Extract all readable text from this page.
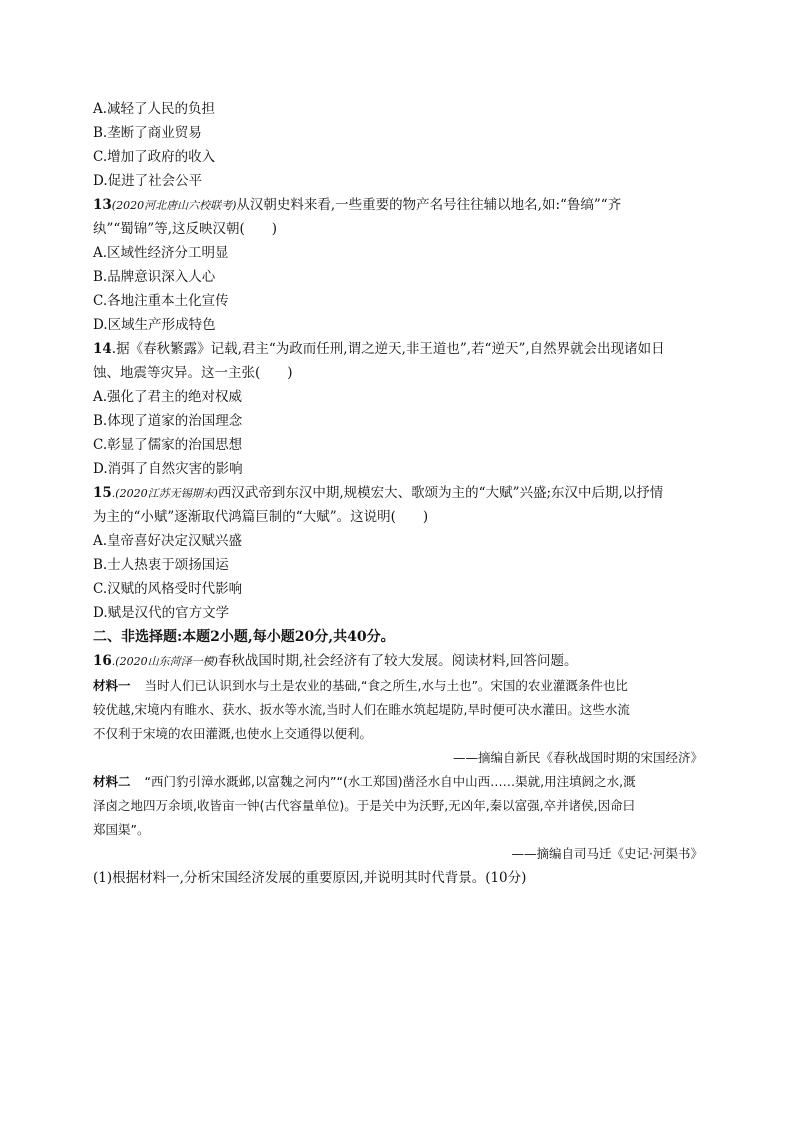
A.减轻了人民的负担
B.垄断了商业贸易
C.增加了政府的收入
D.促进了社会公平
13(2020河北唐山六校联考)从汉朝史料来看,一些重要的物产名号往往辅以地名,如:“鲁缟”“齐
纨”“蜀锦”等,这反映汉朝(　　)
A.区域性经济分工明显
B.品牌意识深入人心
C.各地注重本土化宣传
D.区域生产形成特色
14.据《春秋繁露》记载,君主“为政而任刑,谓之逆天,非王道也”,若“逆天”,自然界就会出现诸如日
蚀、地震等灾异。这一主张(　　)
A.强化了君主的绝对权威
B.体现了道家的治国理念
C.彰显了儒家的治国思想
D.消弭了自然灾害的影响
15.(2020江苏无锡期末)西汉武帝到东汉中期,规模宏大、歌颂为主的“大赋”兴盛;东汉中后期,以抒情
为主的“小赋”逐渐取代鸿篇巨制的“大赋”。这说明(　　)
A.皇帝喜好决定汉赋兴盛
B.士人热衷于颂扬国运
C.汉赋的风格受时代影响
D.赋是汉代的官方文学
二、非选择题:本题2小题,每小题20分,共40分。
16.(2020山东菏泽一模)春秋战国时期,社会经济有了较大发展。阅读材料,回答问题。
材料一 当时人们已认识到水与土是农业的基础,“食之所生,水与土也”。宋国的农业灌溉条件也比
较优越,宋境内有睢水、获水、扳水等水流,当时人们在睢水筑起堤防,旱时便可决水灌田。这些水流
不仅利于宋境的农田灌溉,也使水上交通得以便利。
——摘编自新民《春秋战国时期的宋国经济》
材料二 “西门豹引漳水溉邺,以富魏之河内”“(水工郑国)凿泾水自中山西……渠就,用注填阏之水,溉
泽卤之地四万余顷,收皆亩一钟(古代容量单位)。于是关中为沃野,无凶年,秦以富强,卒并诸侯,因命曰
郑国渠”。
——摘编自司马迁《史记·河渠书》
(1)根据材料一,分析宋国经济发展的重要原因,并说明其时代背景。(10分)
